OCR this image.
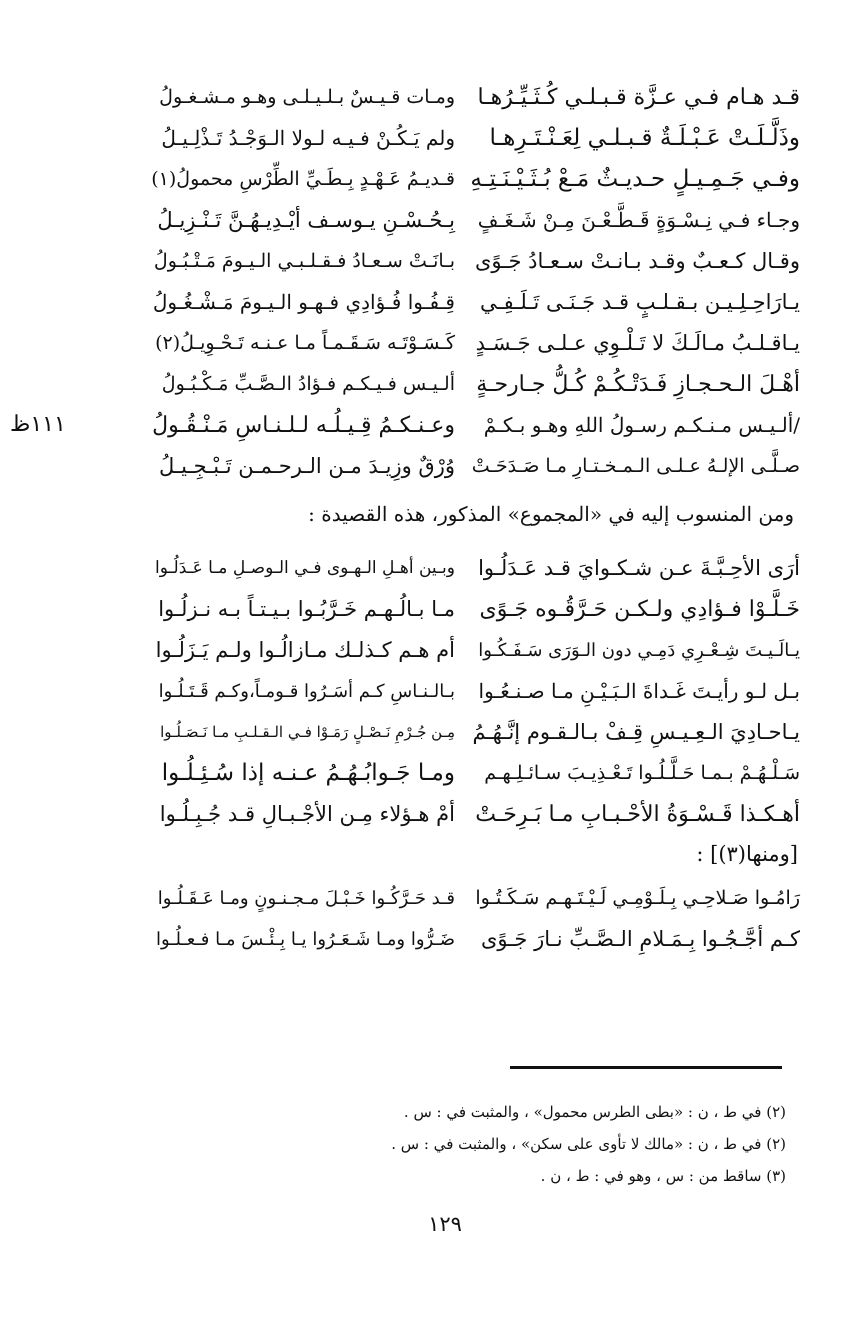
قـد هـام فـي عـزَّة قـبـلـي كُـثَـيِّـرُهـا
ومـات قـيـسٌ بـلـيـلـى وهـو مـشـغـولُ
وذَلَّـلَـتْ عَـبْـلَـةٌ قـبـلـي لِعَـنْـتَـرِهـا
ولم يَـكُـنْ فـيـه لـولا الـوَجْـدُ تَـذْلِـيـلُ
وفـي جَـمِـيـلٍ حـديـثٌ مَـعْ بُـثَـيْـنَـتِـهِ
قـديـمُ عَـهْـدٍ بِـطَـيِّ الطِّرْسِ محمولُ(١)
وجـاء فـي نِـسْـوَةٍ قَـطَّـعْـنَ مِـنْ شَـغَـفٍ
بِـحُـسْـنِ يـوسـف أيْـدِيـهُـنَّ تَـنْـزِيـلُ
وقـال كـعـبٌ وقـد بـانـتْ سـعـادُ جَـوًى
بـانَـتْ سـعـادُ فـقـلـبـي الـيـومَ مَـتْـبُـولُ
يـارَاحِـلِـيـن بـقـلـبٍ قـد جَـنَـى تَـلَـفِـي
قِـفُـوا فُـؤادِي فـهـو الـيـومَ مَـشْـغُـولُ
يـاقـلـبُ مـالَـكَ لا تَـلْـوِي عـلـى جَـسَـدٍ
كَـسَـوْتَـه سَـقَـمـاً مـا عـنـه تَـحْـوِيـلُ(٢)
أهْـلَ الـحـجـازِ فَـدَتْـكُـمْ كُـلُّ جـارحـةٍ
ألـيـس فـيـكـم فـؤادُ الـصَّـبِّ مَـكْـبُـولُ
/ألـيـس مـنـكـم رسـولُ اللهِ وهـو بـكـمْ
وعـنـكـمُ قِـيـلُـه لـلـنـاسِ مَـنْـقُـولُ
صـلَّـى الإلـهُ عـلـى الـمـخـتـارِ مـا صَـدَحَـتْ
وُرْقٌ وزِيـدَ مـن الـرحـمـن تَـبْـجِـيـلُ
١١١ظ
ومن المنسوب إليه في «المجموع» المذكور، هذه القصيدة :
أرَى الأحِـبَّـةَ عـن شـكـوايَ قـد عَـدَلُـوا
وبـين أهـلِ الـهـوى فـي الـوصـلِ مـا عَـدَلُـوا
خَـلَّـوْا فـؤادِي ولـكـن حَـرَّقُـوه جَـوًى
مـا بـالُـهـم خَـرَّبُـوا بـيـتـاً بـه نـزلُـوا
يـالَـيـتَ شِـعْـرِي دَمِـي دون الـوَرَى سَـفَـكُـوا
أم هـم كـذلـك مـازالُـوا ولـم يَـزَلُـوا
بـل لـو رأيـتَ غَـداةَ الـبَـيْـنِ مـا صـنـعُـوا
بـالـنـاسِ كـم أسَـرُوا قـومـاً،وكـم قَـتَـلُـوا
يـاحـادِيَ الـعِـيـسِ قِـفْ بـالـقـوم إنَّـهُـمُ
مِـن جُـرْمِ نَـصْـلٍ رَمَـوْا فـي الـقـلـبِ مـا نَـصَـلُـوا
سَـلْـهُـمْ بـمـا حَـلَّـلُـوا تَـعْـذِيـبَ سـائـلِـهـم
ومـا جَـوابُـهُـمُ عـنـه إذا سُـئِـلُـوا
أهـكـذا قَـسْـوَةُ الأحْـبـابِ مـا بَـرِحَـتْ
أمْ هـؤلاء مِـن الأجْـبـالِ قـد جُـبِـلُـوا
[ومنها(٣)] :
رَامُـوا صَـلاحِـي بِـلَـوْمِـي لَـيْـتَـهـم سَـكَـتُـوا
قـد حَـرَّكُـوا خَـبْـلَ مـجـنـونٍ ومـا عَـقَـلُـوا
كـم أجَّـجُـوا بِـمَـلامِ الـصَّـبِّ نـارَ جَـوًى
ضَـرُّوا ومـا شَـعَـرُوا يـا بِـئْـسَ مـا فـعـلُـوا
(٢) في ط ، ن : «بطى الطرس محمول» ، والمثبت في : س .
(٢) في ط ، ن : «مالك لا تأوى على سكن» ، والمثبت في : س .
(٣) ساقط من : س ، وهو في : ط ، ن .
١٢٩
